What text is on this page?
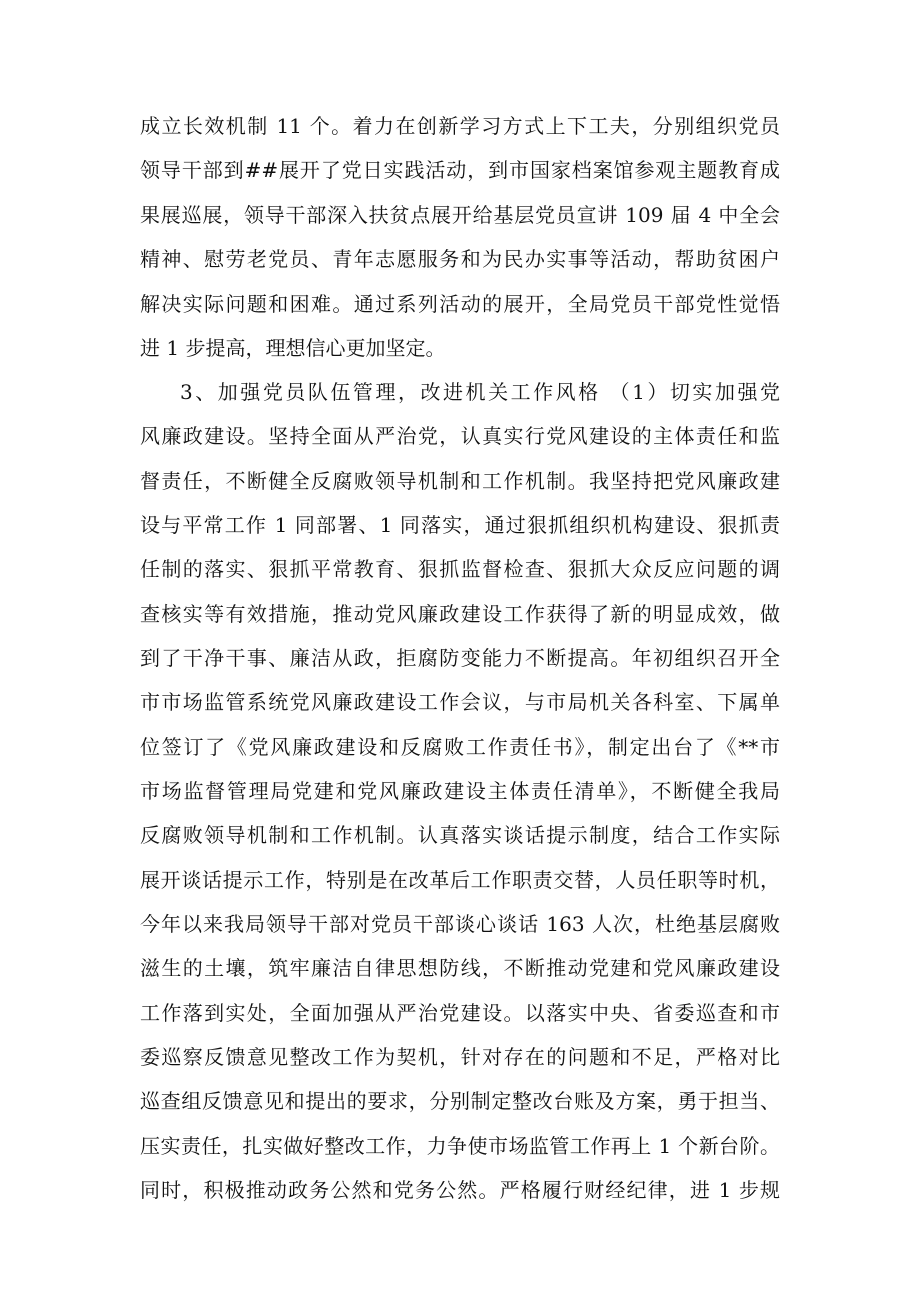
成立长效机制 11 个。着力在创新学习方式上下工夫，分别组织党员
领导干部到##展开了党日实践活动，到市国家档案馆参观主题教育成
果展巡展，领导干部深入扶贫点展开给基层党员宣讲 109 届 4 中全会
精神、慰劳老党员、青年志愿服务和为民办实事等活动，帮助贫困户
解决实际问题和困难。通过系列活动的展开，全局党员干部党性觉悟
进 1 步提高，理想信心更加坚定。
3、加强党员队伍管理，改进机关工作风格 （1）切实加强党
风廉政建设。坚持全面从严治党，认真实行党风建设的主体责任和监
督责任，不断健全反腐败领导机制和工作机制。我坚持把党风廉政建
设与平常工作 1 同部署、1 同落实，通过狠抓组织机构建设、狠抓责
任制的落实、狠抓平常教育、狠抓监督检查、狠抓大众反应问题的调
查核实等有效措施，推动党风廉政建设工作获得了新的明显成效，做
到了干净干事、廉洁从政，拒腐防变能力不断提高。年初组织召开全
市市场监管系统党风廉政建设工作会议，与市局机关各科室、下属单
位签订了《党风廉政建设和反腐败工作责任书》，制定出台了《**市
市场监督管理局党建和党风廉政建设主体责任清单》，不断健全我局
反腐败领导机制和工作机制。认真落实谈话提示制度，结合工作实际
展开谈话提示工作，特别是在改革后工作职责交替，人员任职等时机，
今年以来我局领导干部对党员干部谈心谈话 163 人次，杜绝基层腐败
滋生的土壤，筑牢廉洁自律思想防线，不断推动党建和党风廉政建设
工作落到实处，全面加强从严治党建设。以落实中央、省委巡查和市
委巡察反馈意见整改工作为契机，针对存在的问题和不足，严格对比
巡查组反馈意见和提出的要求，分别制定整改台账及方案，勇于担当、
压实责任，扎实做好整改工作，力争使市场监管工作再上 1 个新台阶。
同时，积极推动政务公然和党务公然。严格履行财经纪律，进 1 步规
